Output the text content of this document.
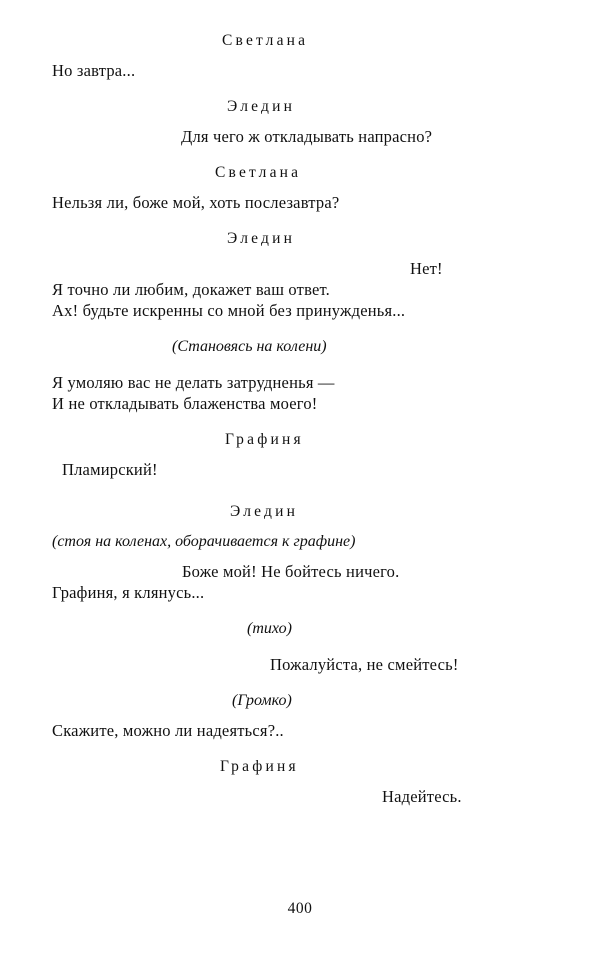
Светлана
Но завтра...
Эледин
Для чего ж откладывать напрасно?
Светлана
Нельзя ли, боже мой, хоть послезавтра?
Эледин
Нет!
Я точно ли любим, докажет ваш ответ.
Ах! будьте искренны со мной без принужденья...
(Становясь на колени)
Я умоляю вас не делать затрудненья —
И не откладывать блаженства моего!
Графиня
Пламирский!
Эледин
(стоя на коленах, оборачивается к графине)
Боже мой! Не бойтесь ничего.
Графиня, я клянусь...
(тихо)
Пожалуйста, не смейтесь!
(Громко)
Скажите, можно ли надеяться?..
Графиня
Надейтесь.
400
